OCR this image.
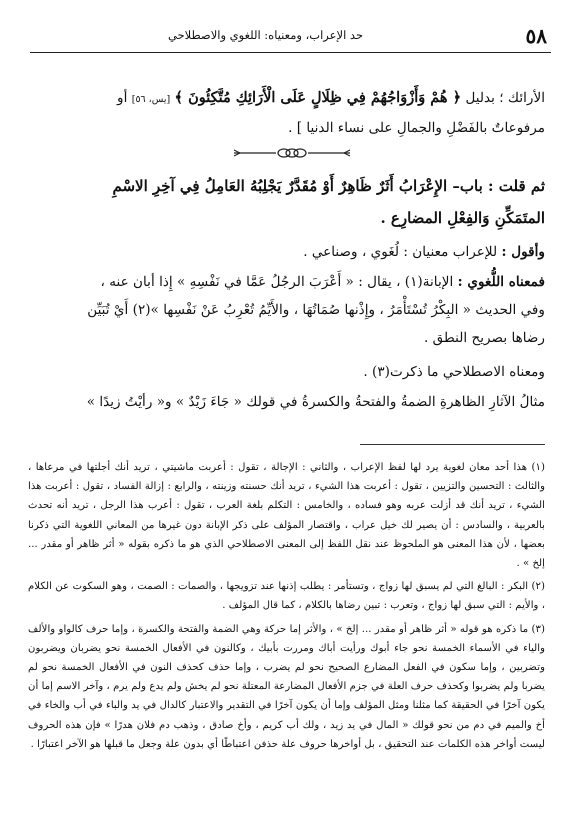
٥٨
حد الإعراب، ومعنياه: اللغوي والاصطلاحي
الأرائك ؛ بدليل ﴿ هُمْ وَأَزْوَاجُهُمْ فِي ظِلَالٍ عَلَى الْأَرَائِكِ مُتَّكِئُونَ ﴾ [يس، ٥٦] أو
مرفوعاتٌ بالفَضْلِ والجمالِ على نساء الدنيا ] .
ثم قلت : باب– الإِعْرَابُ أَثَرٌ ظَاهِرٌ أَوْ مُقَدَّرٌ يَجْلِبُهُ العَامِلُ فِي آخِرِ الاسْمِ
المتَمَكِّنِ وَالفِعْلِ المضارِع .
وأقول : للإعراب معنيان : لُغَوي ، وصناعي .
فمعناه اللُّغوي : الإبانة(١) ، يقال : « أَعْرَبَ الرجُلُ عَمَّا في نَفْسِهِ » إِذا أبان عنه ،
وفي الحديث « البِكْرُ تُسْتَأْمَرُ ، وإِذْنها صُمَاتُهَا ، والأَيِّمُ تُعْرِبُ عَنْ نَفْسِها »(٢) أَيْ تُبَيِّن
رضاها بصريح النطق .
ومعناه الاصطلاحي ما ذكرت(٣) .
مثالُ الآثارِ الظاهرةِ الضمةُ والفتحةُ والكسرةُ في قولك « جَاءَ زَيْدٌ » و« رأيْتُ زيدًا »

(١) هذا أحد معان لغوية يرد لها لفظ الإعراب ، والثاني : الإجالة ، تقول : أعربت ماشيتي ، تريد أنك أجلتها في مرعاها ، والثالث : التحسين والتزيين ، تقول : أعربت هذا الشيء ، تريد أنك حسنته وزينته ، والرابع : إزالة الفساد ، تقول : أعربت هذا الشيء ، تريد أنك قد أزلت عربه وهو فساده ، والخامس : التكلم بلغة العرب ، تقول : أعرب هذا الرجل ، تريد أنه تحدث بالعربية ، والسادس : أن يصير لك خيل عراب ، واقتصار المؤلف على ذكر الإبانة دون غيرها من المعاني اللغوية التي ذكرنا بعضها ، لأن هذا المعنى هو الملحوظ عند نقل اللفظ إلى المعنى الاصطلاحي الذي هو ما ذكره بقوله « أثر ظاهر أو مقدر ... إلخ » .

(٢) البكر : البالغ التي لم يسبق لها زواج ، وتستأمر : يطلب إذنها عند تزويجها ، والصمات : الصمت ، وهو السكوت عن الكلام ، والأيم : التي سبق لها زواج ، وتعرب : تبين رضاها بالكلام ، كما قال المؤلف .

(٣) ما ذكره هو قوله « أثر ظاهر أو مقدر ... إلخ » ، والأثر إما حركة وهي الضمة والفتحة والكسرة ، وإما حرف كالواو والألف والياء في الأسماء الخمسة نحو جاء أبوك ورأيت أباك ومررت بأبيك ، وكالنون في الأفعال الخمسة نحو يضربان ويضربون وتضربين ، وإما سكون في الفعل المضارع الصحيح نحو لم يضرب ، وإما حذف كحذف النون في الأفعال الخمسة نحو لم يضربا ولم يضربوا وكحذف حرف العلة في جزم الأفعال المضارعة المعتلة نحو لم يخش ولم يدع ولم يرم ، وآخر الاسم إما أن يكون آخرًا في الحقيقة كما مثلنا ومثل المؤلف وإما أن يكون آخرًا في التقدير والاعتبار كالدال في يد والباء في أب والخاء في أخ والميم في دم من نحو قولك « المال في يد زيد ، ولك أب كريم ، وأخ صادق ، وذهب دم فلان هدرًا » فإن هذه الحروف ليست أواخر هذه الكلمات عند التحقيق ، بل أواخرها حروف علة حذفن اعتباطًا أي بدون علة وجعل ما قبلها هو الآخر اعتبارًا .
